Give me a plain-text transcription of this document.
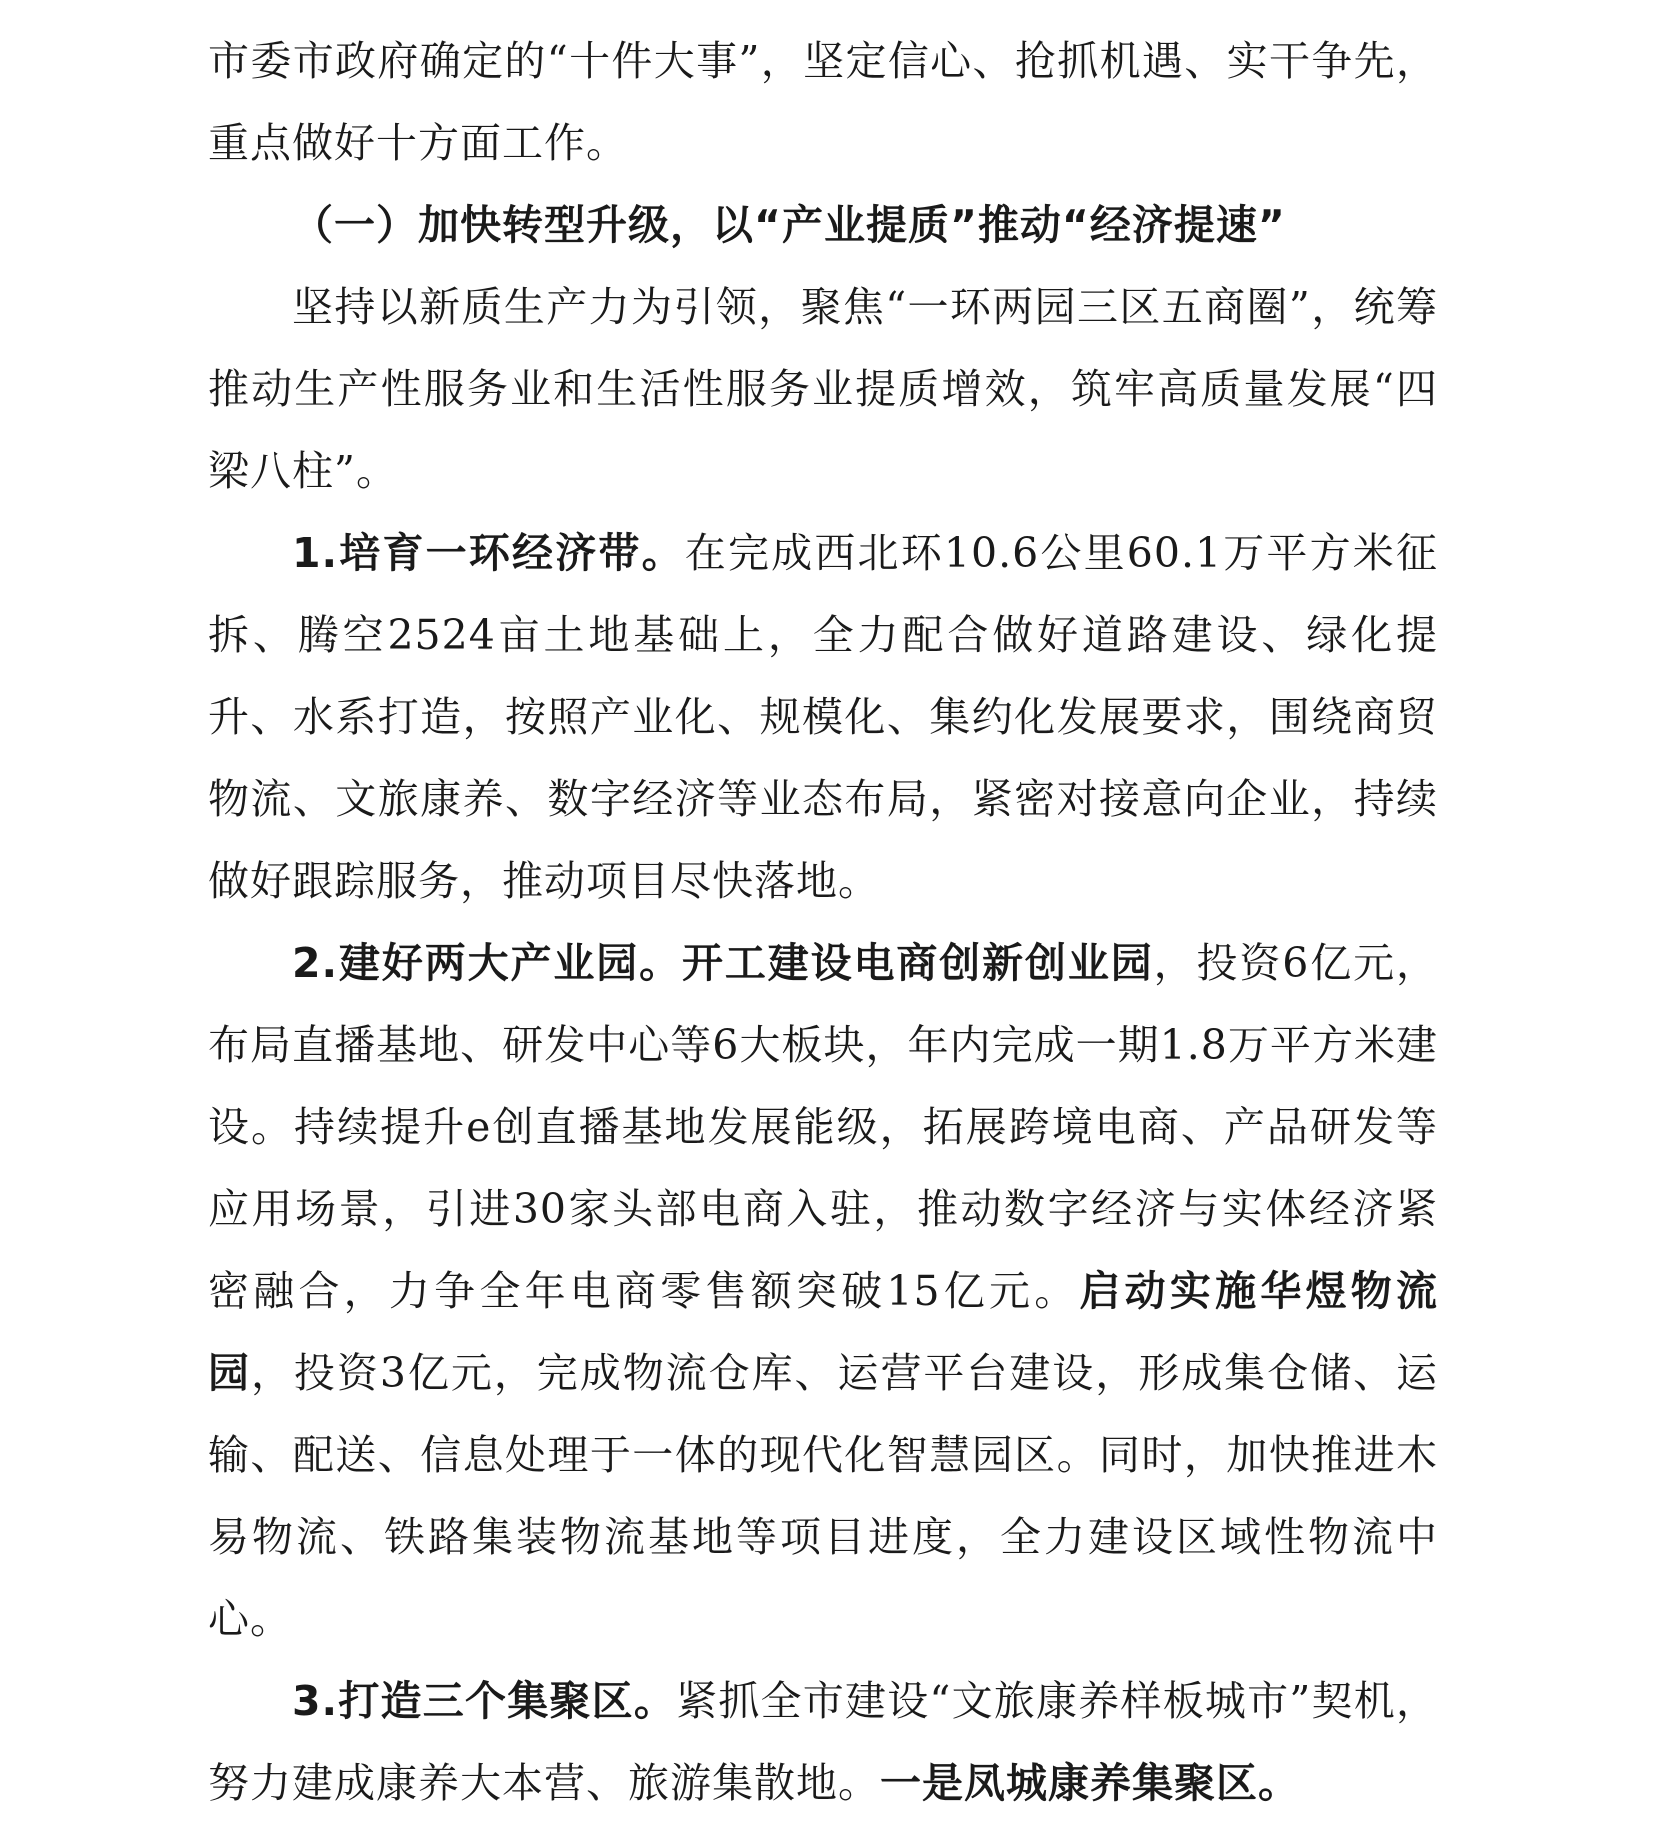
市委市政府确定的“十件大事”，坚定信心、抢抓机遇、实干争先，重点做好十方面工作。

（一）加快转型升级，以“产业提质”推动“经济提速”

坚持以新质生产力为引领，聚焦“一环两园三区五商圈”，统筹推动生产性服务业和生活性服务业提质增效，筑牢高质量发展“四梁八柱”。

1.培育一环经济带。在完成西北环10.6公里60.1万平方米征拆、腾空2524亩土地基础上，全力配合做好道路建设、绿化提升、水系打造，按照产业化、规模化、集约化发展要求，围绕商贸物流、文旅康养、数字经济等业态布局，紧密对接意向企业，持续做好跟踪服务，推动项目尽快落地。

2.建好两大产业园。开工建设电商创新创业园，投资6亿元，布局直播基地、研发中心等6大板块，年内完成一期1.8万平方米建设。持续提升e创直播基地发展能级，拓展跨境电商、产品研发等应用场景，引进30家头部电商入驻，推动数字经济与实体经济紧密融合，力争全年电商零售额突破15亿元。启动实施华煜物流园，投资3亿元，完成物流仓库、运营平台建设，形成集仓储、运输、配送、信息处理于一体的现代化智慧园区。同时，加快推进木易物流、铁路集装物流基地等项目进度，全力建设区域性物流中心。

3.打造三个集聚区。紧抓全市建设“文旅康养样板城市”契机，努力建成康养大本营、旅游集散地。一是凤城康养集聚区。
